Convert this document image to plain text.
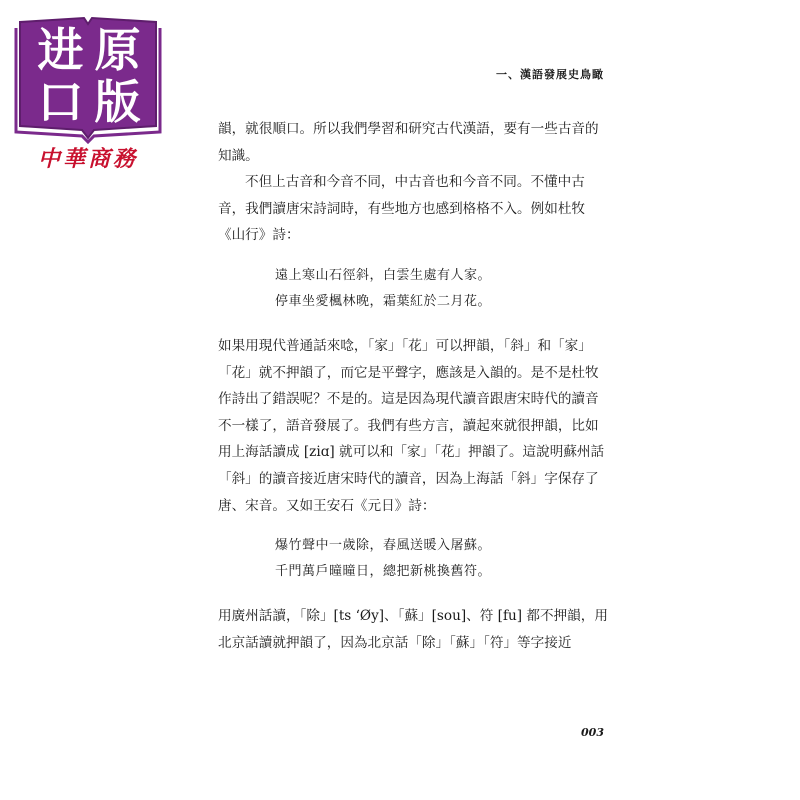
进 原
口 版
中華商務
一、漢語發展史鳥瞰

韻，就很順口。所以我們學習和研究古代漢語，要有一些古音的知識。

不但上古音和今音不同，中古音也和今音不同。不懂中古音，我們讀唐宋詩詞時，有些地方也感到格格不入。例如杜牧《山行》詩：

遠上寒山石徑斜，白雲生處有人家。
停車坐愛楓林晚，霜葉紅於二月花。

如果用現代普通話來唸，「家」「花」可以押韻，「斜」和「家」「花」就不押韻了，而它是平聲字，應該是入韻的。是不是杜牧作詩出了錯誤呢？不是的。這是因為現代讀音跟唐宋時代的讀音不一樣了，語音發展了。我們有些方言，讀起來就很押韻，比如用上海話讀成 [ziɑ] 就可以和「家」「花」押韻了。這說明蘇州話「斜」的讀音接近唐宋時代的讀音，因為上海話「斜」字保存了唐、宋音。又如王安石《元日》詩：

爆竹聲中一歲除，春風送暖入屠蘇。
千門萬戶曈曈日，總把新桃換舊符。

用廣州話讀，「除」[ts ʻØy]、「蘇」[sou]、符 [fu] 都不押韻，用北京話讀就押韻了，因為北京話「除」「蘇」「符」等字接近

003
